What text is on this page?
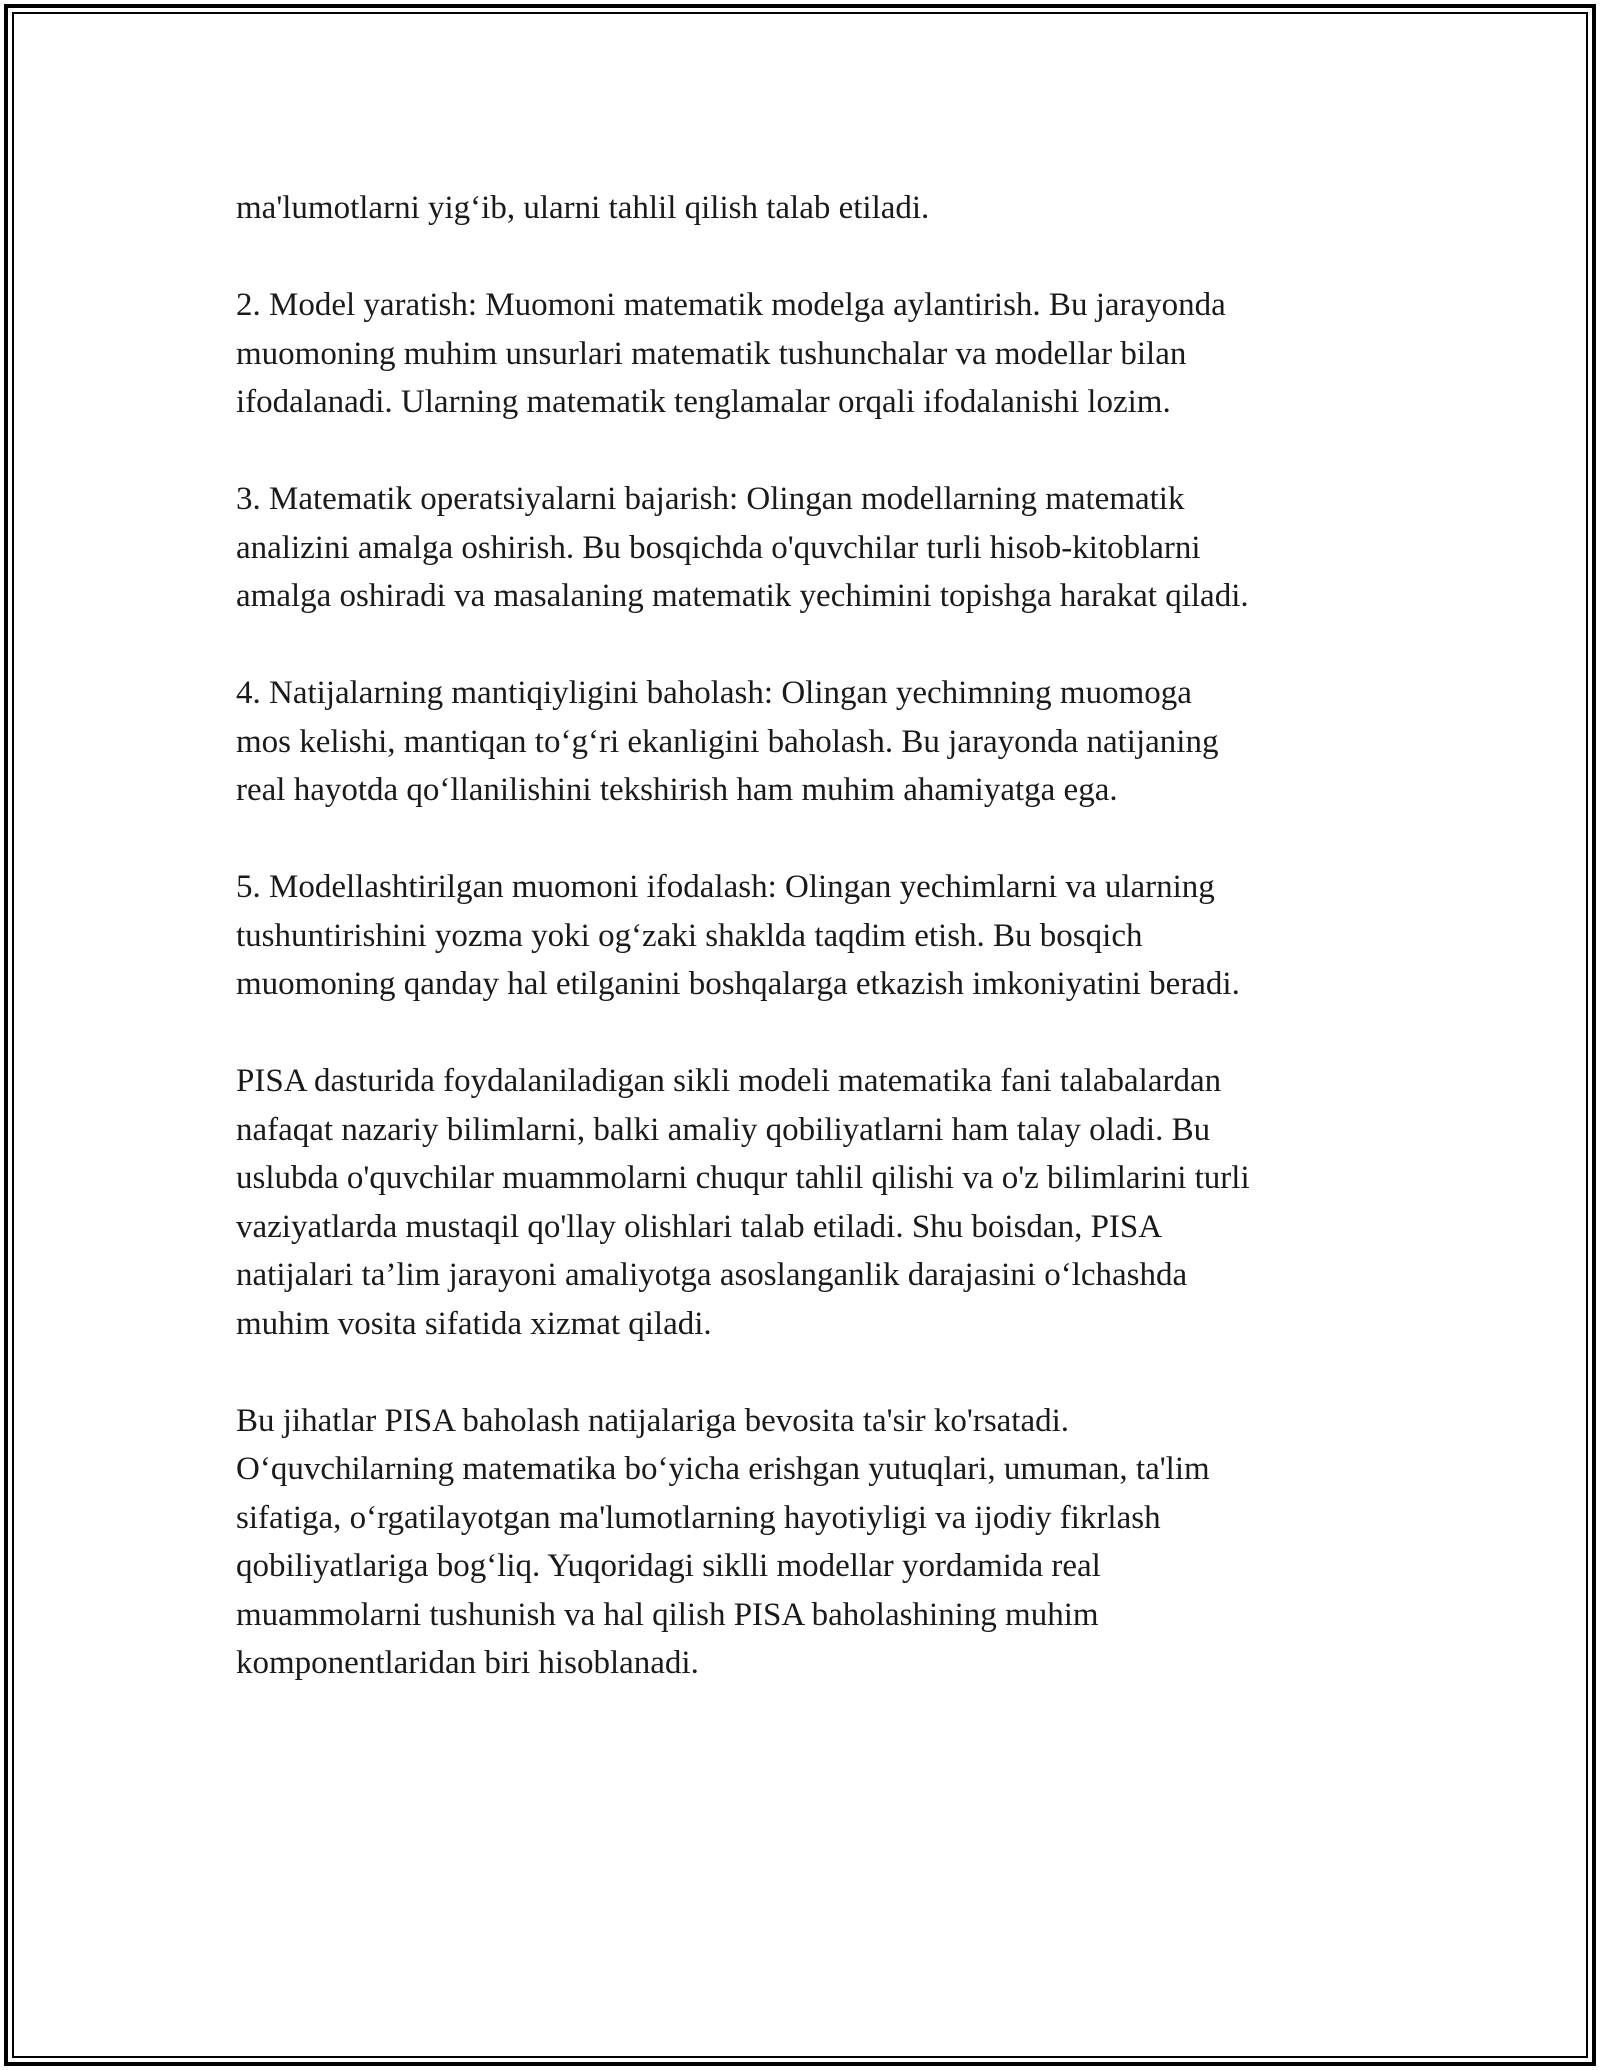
ma'lumotlarni yig‘ib, ularni tahlil qilish talab etiladi.

2. Model yaratish: Muomoni matematik modelga aylantirish. Bu jarayonda
muomoning muhim unsurlari matematik tushunchalar va modellar bilan
ifodalanadi. Ularning matematik tenglamalar orqali ifodalanishi lozim.

3. Matematik operatsiyalarni bajarish: Olingan modellarning matematik
analizini amalga oshirish. Bu bosqichda o'quvchilar turli hisob-kitoblarni
amalga oshiradi va masalaning matematik yechimini topishga harakat qiladi.

4. Natijalarning mantiqiyligini baholash: Olingan yechimning muomoga
mos kelishi, mantiqan to‘g‘ri ekanligini baholash. Bu jarayonda natijaning
real hayotda qo‘llanilishini tekshirish ham muhim ahamiyatga ega.

5. Modellashtirilgan muomoni ifodalash: Olingan yechimlarni va ularning
tushuntirishini yozma yoki og‘zaki shakldа taqdim etish. Bu bosqich
muomoning qanday hal etilganini boshqalarga etkazish imkoniyatini beradi.

PISA dasturida foydalaniladigan sikli modeli matematika fani talabalardan
nafaqat nazariy bilimlarni, balki amaliy qobiliyatlarni ham talay oladi. Bu
uslubda o'quvchilar muammolarni chuqur tahlil qilishi va o'z bilimlarini turli
vaziyatlarda mustaqil qo'llay olishlari talab etiladi. Shu boisdan, PISA
natijalari ta’lim jarayoni amaliyotga asoslanganlik darajasini o‘lchashda
muhim vosita sifatida xizmat qiladi.

Bu jihatlar PISA baholash natijalariga bevosita ta'sir ko'rsatadi.
O‘quvchilarning matematika bo‘yicha erishgan yutuqlari, umuman, ta'lim
sifatiga, o‘rgatilayotgan ma'lumotlarning hayotiyligi va ijodiy fikrlash
qobiliyatlariga bog‘liq. Yuqoridagi siklli modellar yordamida real
muammolarni tushunish va hal qilish PISA baholashining muhim
komponentlaridan biri hisoblanadi.
